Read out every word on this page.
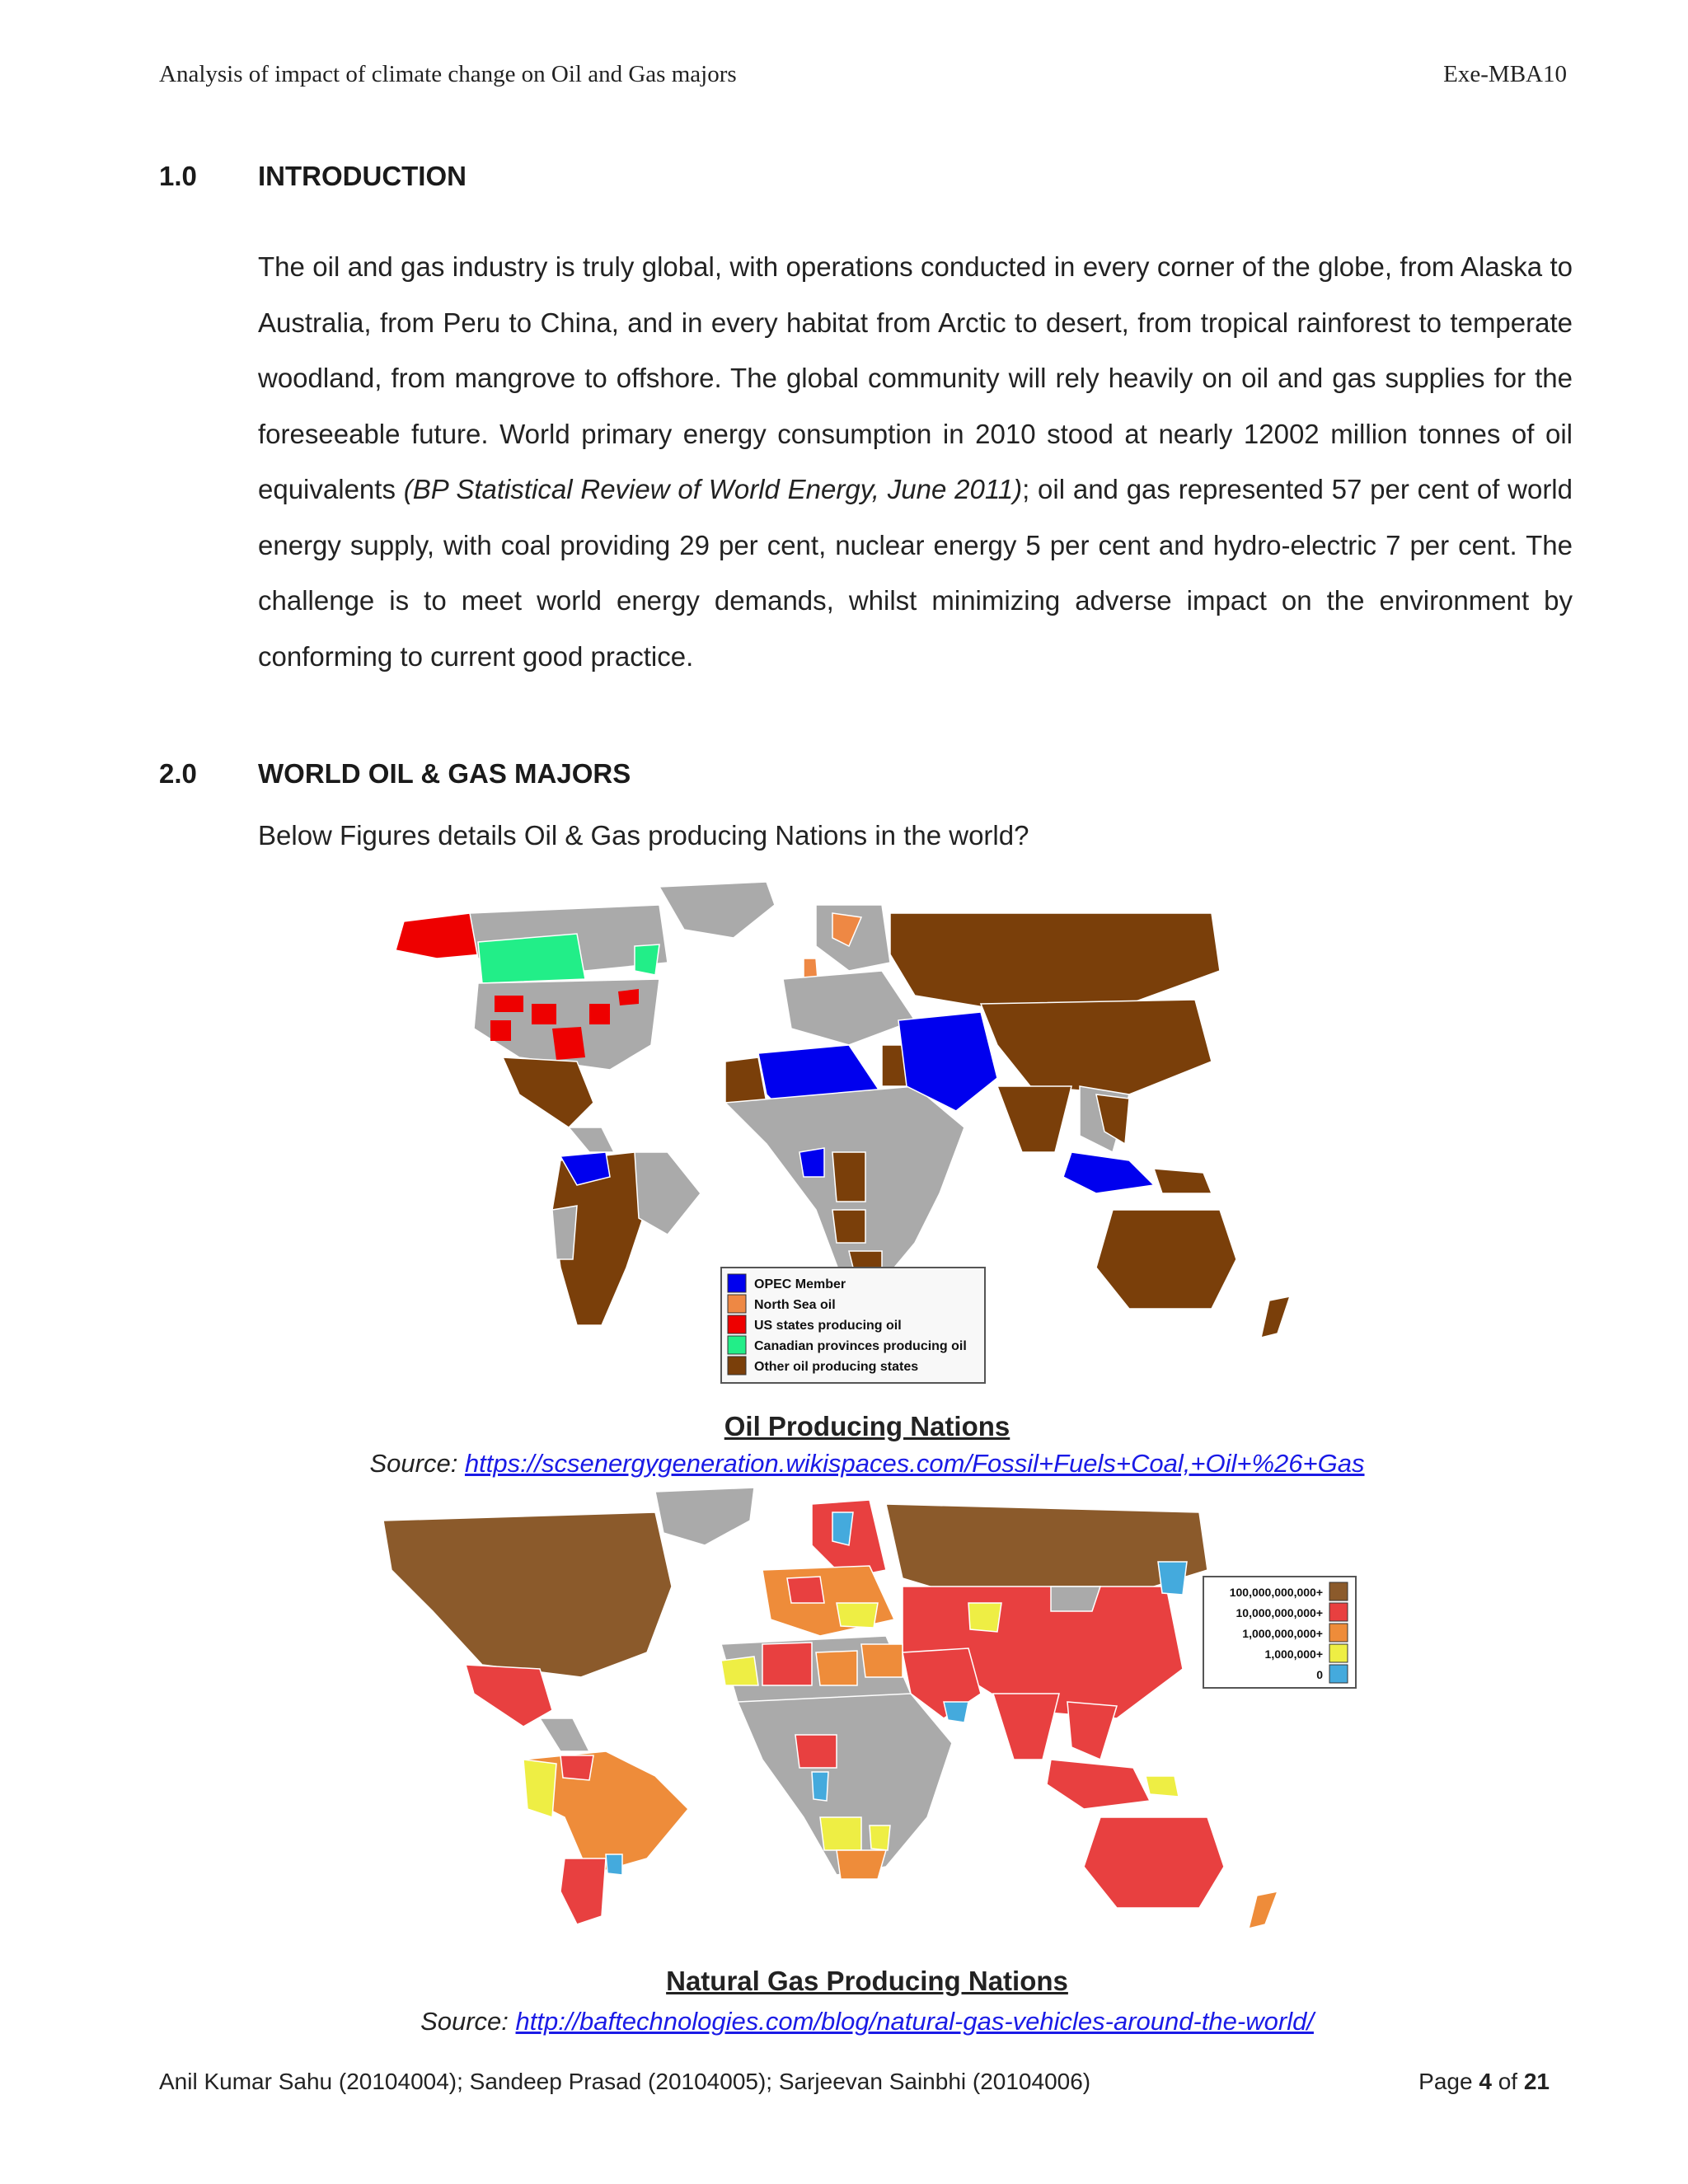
Analysis of impact of climate change on Oil and Gas majors	Exe-MBA10
1.0 INTRODUCTION
The oil and gas industry is truly global, with operations conducted in every corner of the globe, from Alaska to Australia, from Peru to China, and in every habitat from Arctic to desert, from tropical rainforest to temperate woodland, from mangrove to offshore. The global community will rely heavily on oil and gas supplies for the foreseeable future. World primary energy consumption in 2010 stood at nearly 12002 million tonnes of oil equivalents (BP Statistical Review of World Energy, June 2011); oil and gas represented 57 per cent of world energy supply, with coal providing 29 per cent, nuclear energy 5 per cent and hydro-electric 7 per cent. The challenge is to meet world energy demands, whilst minimizing adverse impact on the environment by conforming to current good practice.
2.0 WORLD OIL & GAS MAJORS
Below Figures details Oil & Gas producing Nations in the world?
OPEC Member
North Sea oil
US states producing oil
Canadian provinces producing oil
Other oil producing states
Oil Producing Nations
Source: https://scsenergygeneration.wikispaces.com/Fossil+Fuels+Coal,+Oil+%26+Gas
100,000,000,000+
10,000,000,000+
1,000,000,000+
1,000,000+
0
Natural Gas Producing Nations
Source: http://baftechnologies.com/blog/natural-gas-vehicles-around-the-world/
Anil Kumar Sahu (20104004); Sandeep Prasad (20104005); Sarjeevan Sainbhi (20104006)	Page 4 of 21
